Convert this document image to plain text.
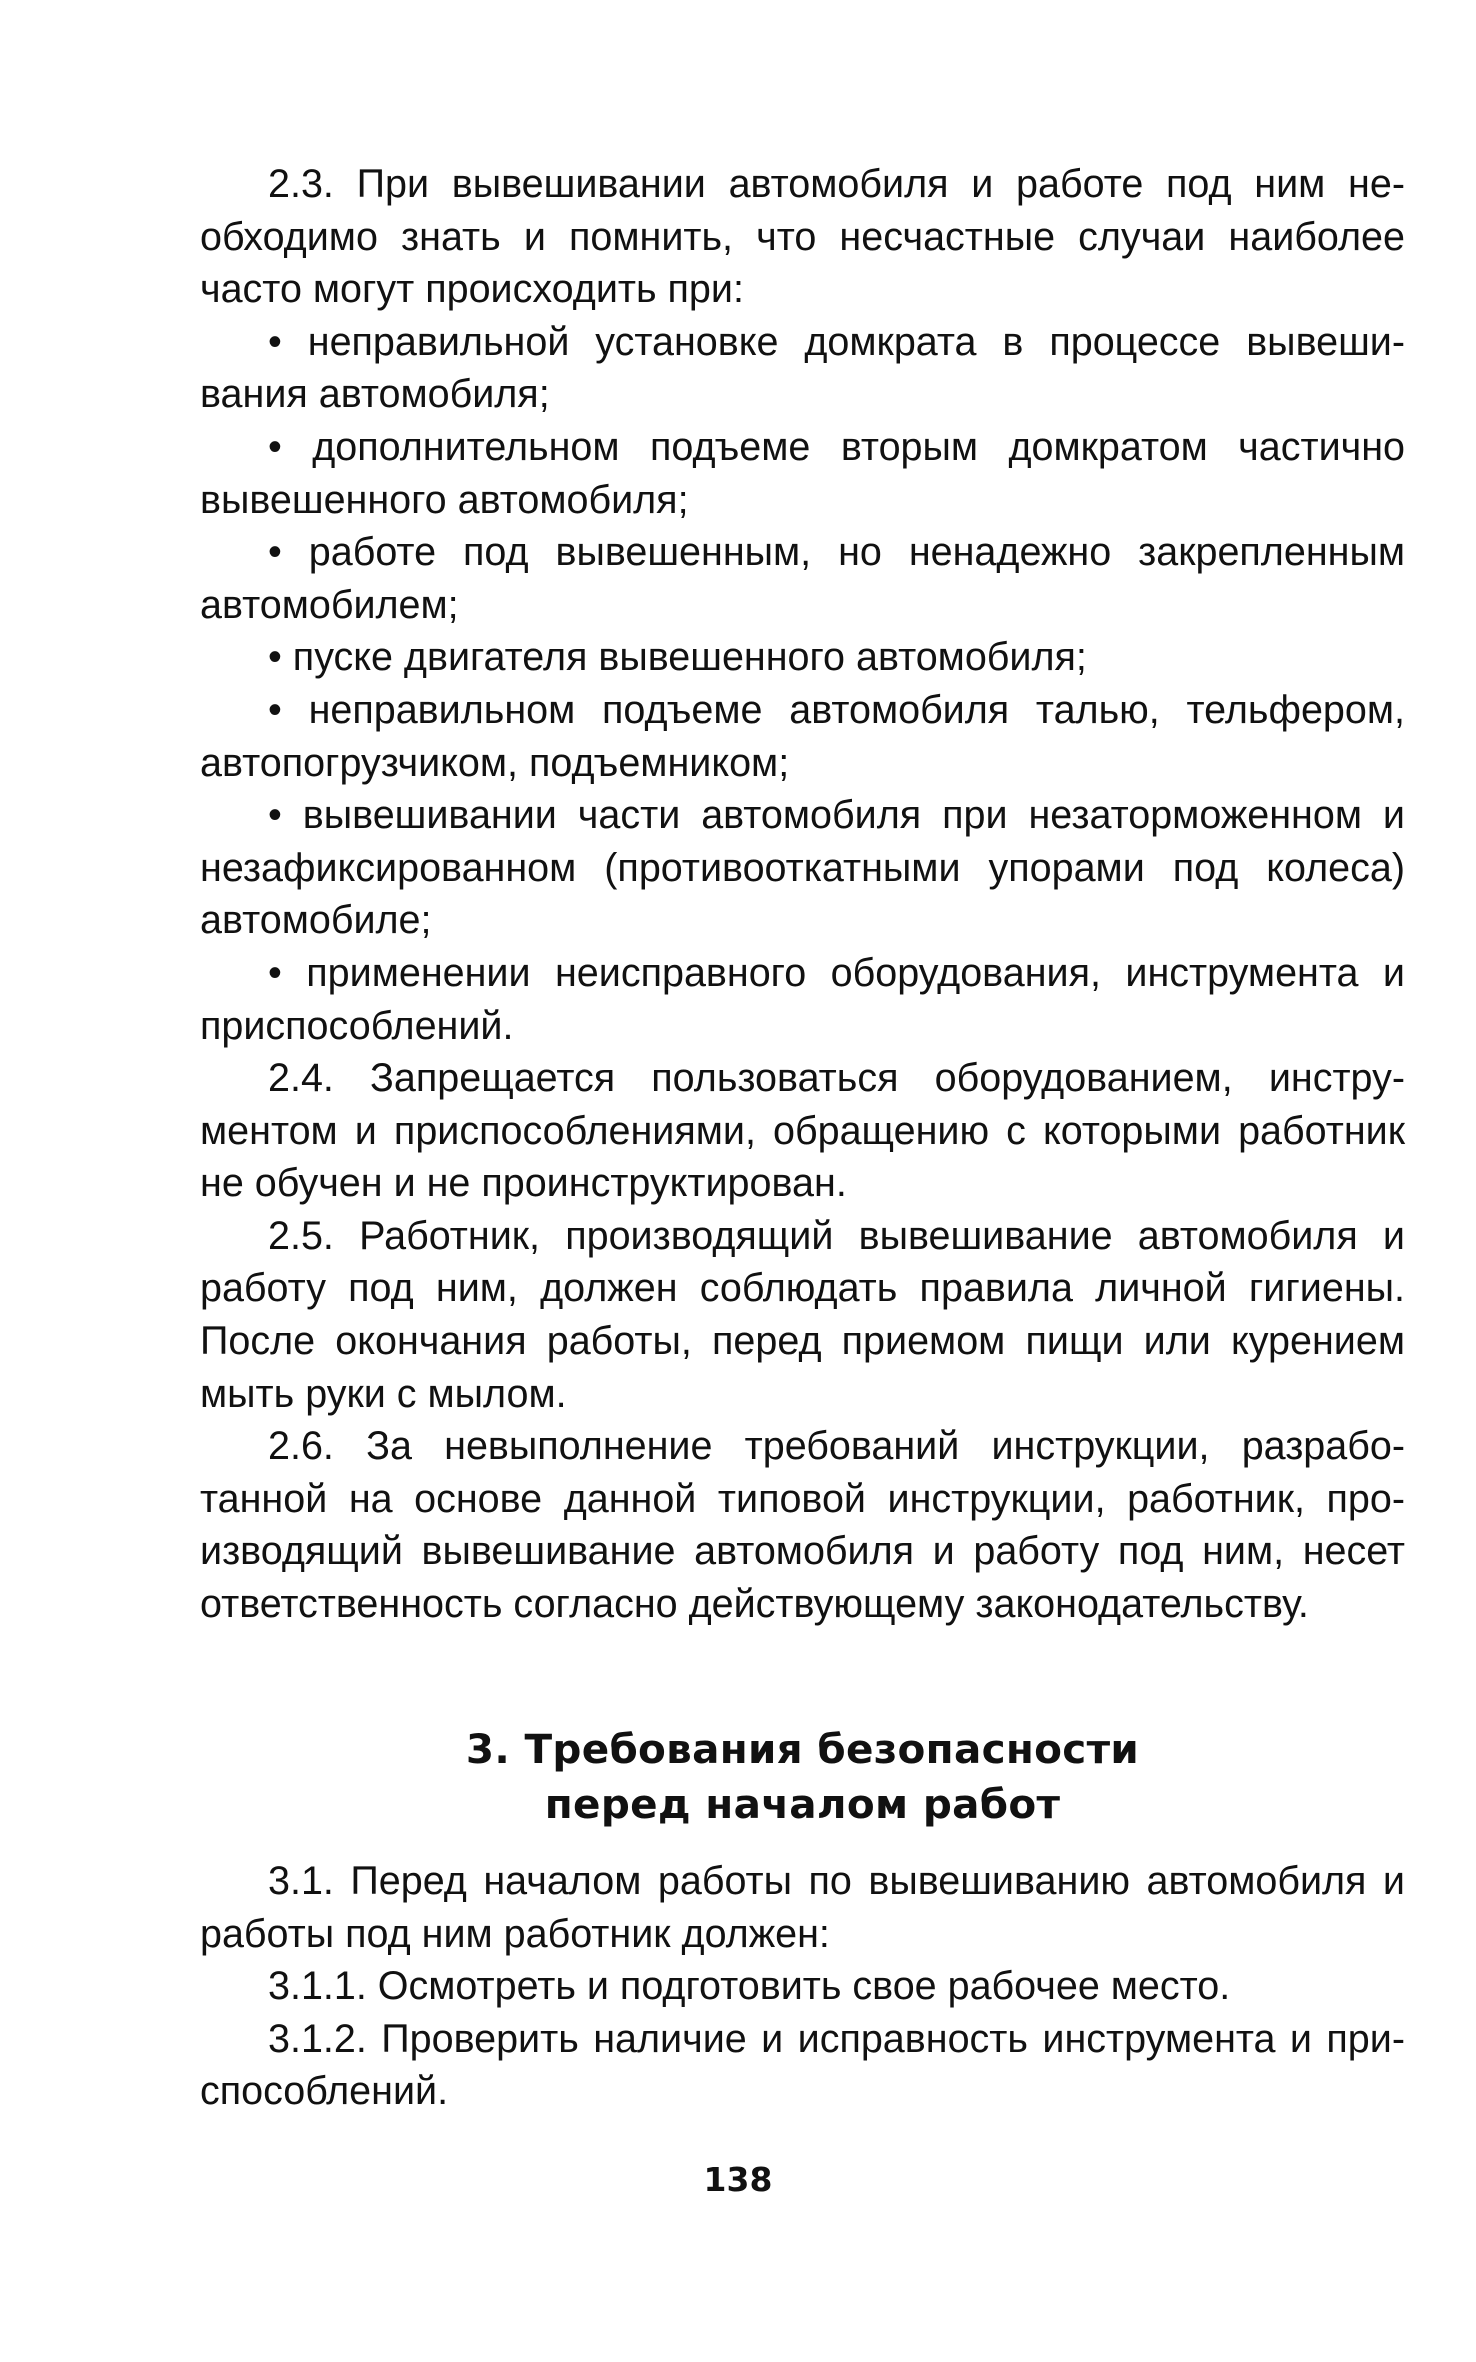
2.3. При вывешивании автомобиля и работе под ним необходимо знать и помнить, что несчастные случаи наиболее часто могут происходить при:

• неправильной установке домкрата в процессе вывешивания автомобиля;

• дополнительном подъеме вторым домкратом частично вывешенного автомобиля;

• работе под вывешенным, но ненадежно закрепленным автомобилем;

• пуске двигателя вывешенного автомобиля;

• неправильном подъеме автомобиля талью, тельфером, автопогрузчиком, подъемником;

• вывешивании части автомобиля при незаторможенном и незафиксированном (противооткатными упорами под колеса) автомобиле;

• применении неисправного оборудования, инструмента и приспособлений.

2.4. Запрещается пользоваться оборудованием, инструментом и приспособлениями, обращению с которыми работник не обучен и не проинструктирован.

2.5. Работник, производящий вывешивание автомобиля и работу под ним, должен соблюдать правила личной гигиены. После окончания работы, перед приемом пищи или курением мыть руки с мылом.

2.6. За невыполнение требований инструкции, разработанной на основе данной типовой инструкции, работник, производящий вывешивание автомобиля и работу под ним, несет ответственность согласно действующему законодательству.

3. Требования безопасности
перед началом работ

3.1. Перед началом работы по вывешиванию автомобиля и работы под ним работник должен:

3.1.1. Осмотреть и подготовить свое рабочее место.

3.1.2. Проверить наличие и исправность инструмента и приспособлений.

138
